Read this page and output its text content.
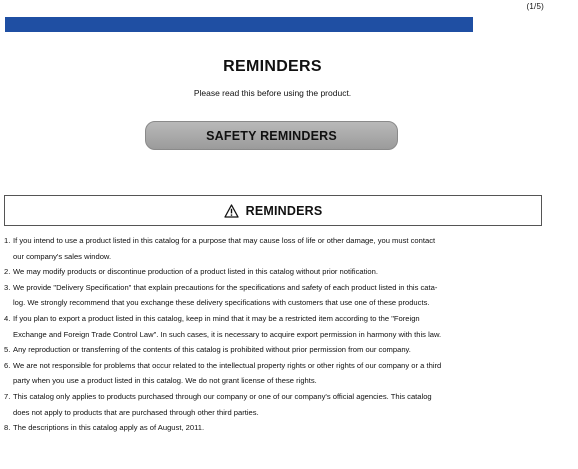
(1/5)
REMINDERS
Please read this before using the product.
SAFETY REMINDERS
REMINDERS
1. If you intend to use a product listed in this catalog for a purpose that may cause loss of life or other damage, you must contact
our company's sales window.
2. We may modify products or discontinue production of a product listed in this catalog without prior notification.
3. We provide "Delivery Specification" that explain precautions for the specifications and safety of each product listed in this cata-
log. We strongly recommend that you exchange these delivery specifications with customers that use one of these products.
4. If you plan to export a product listed in this catalog, keep in mind that it may be a restricted item according to the "Foreign
Exchange and Foreign Trade Control Law". In such cases, it is necessary to acquire export permission in harmony with this law.
5. Any reproduction or transferring of the contents of this catalog is prohibited without prior permission from our company.
6. We are not responsible for problems that occur related to the intellectual property rights or other rights of our company or a third
party when you use a product listed in this catalog. We do not grant license of these rights.
7. This catalog only applies to products purchased through our company or one of our company's official agencies. This catalog
does not apply to products that are purchased through other third parties.
8. The descriptions in this catalog apply as of August, 2011.
